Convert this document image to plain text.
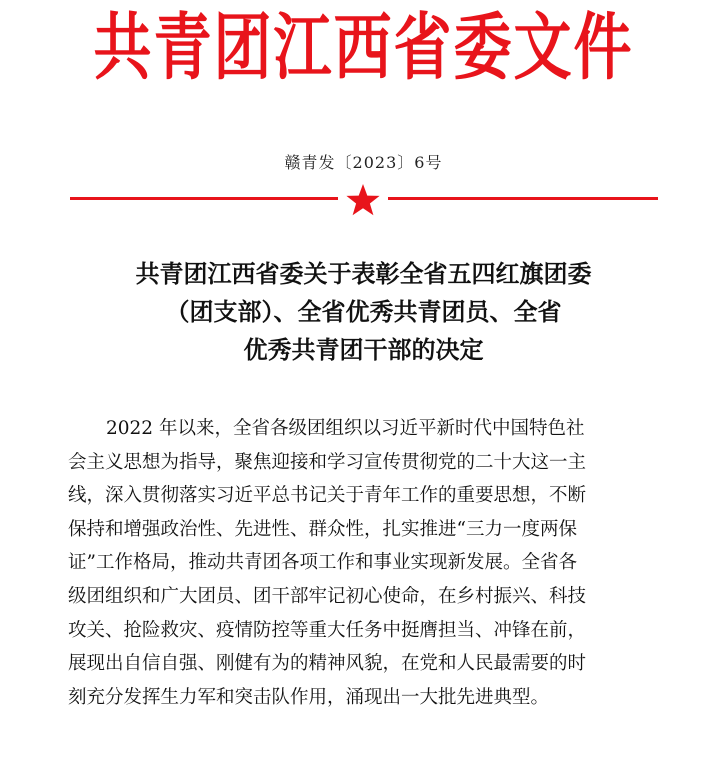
共青团江西省委文件
赣青发〔2023〕6号
共青团江西省委关于表彰全省五四红旗团委
（团支部）、全省优秀共青团员、全省
优秀共青团干部的决定
2022 年以来，全省各级团组织以习近平新时代中国特色社
会主义思想为指导，聚焦迎接和学习宣传贯彻党的二十大这一主
线，深入贯彻落实习近平总书记关于青年工作的重要思想，不断
保持和增强政治性、先进性、群众性，扎实推进“三力一度两保
证”工作格局，推动共青团各项工作和事业实现新发展。全省各
级团组织和广大团员、团干部牢记初心使命，在乡村振兴、科技
攻关、抢险救灾、疫情防控等重大任务中挺膺担当、冲锋在前，
展现出自信自强、刚健有为的精神风貌，在党和人民最需要的时
刻充分发挥生力军和突击队作用，涌现出一大批先进典型。
